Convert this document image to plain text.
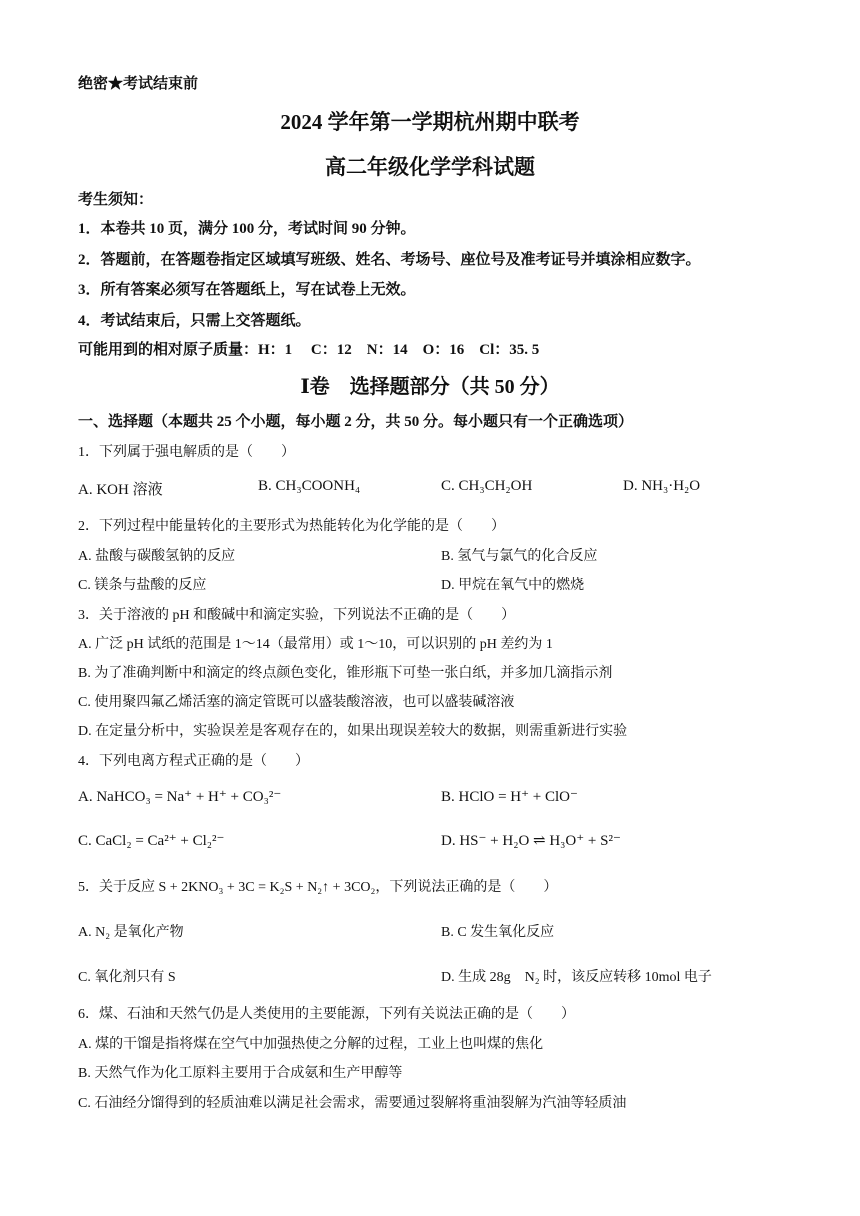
绝密★考试结束前
2024 学年第一学期杭州期中联考
高二年级化学学科试题
考生须知：
1．本卷共 10 页，满分 100 分，考试时间 90 分钟。
2．答题前，在答题卷指定区域填写班级、姓名、考场号、座位号及准考证号并填涂相应数字。
3．所有答案必须写在答题纸上，写在试卷上无效。
4．考试结束后，只需上交答题纸。
可能用到的相对原子质量：H：1　 C：12　N：14　O：16　Cl：35. 5
Ⅰ卷　选择题部分（共 50 分）
一、选择题（本题共 25 个小题，每小题 2 分，共 50 分。每小题只有一个正确选项）
1．下列属于强电解质的是（　　）
A. KOH 溶液	B. CH₃COONH₄	C. CH₃CH₂OH	D. NH₃·H₂O
2．下列过程中能量转化的主要形式为热能转化为化学能的是（　　）
A. 盐酸与碳酸氢钠的反应	B. 氢气与氯气的化合反应
C. 镁条与盐酸的反应	D. 甲烷在氧气中的燃烧
3．关于溶液的 pH 和酸碱中和滴定实验，下列说法不正确的是（　　）
A. 广泛 pH 试纸的范围是 1～14（最常用）或 1～10，可以识别的 pH 差约为 1
B. 为了准确判断中和滴定的终点颜色变化，锥形瓶下可垫一张白纸，并多加几滴指示剂
C. 使用聚四氟乙烯活塞的滴定管既可以盛装酸溶液，也可以盛装碱溶液
D. 在定量分析中，实验误差是客观存在的，如果出现误差较大的数据，则需重新进行实验
4．下列电离方程式正确的是（　　）
A. NaHCO₃ = Na⁺ + H⁺ + CO₃²⁻	B. HClO = H⁺ + ClO⁻
C. CaCl₂ = Ca²⁺ + Cl₂²⁻	D. HS⁻ + H₂O ⇌ H₃O⁺ + S²⁻
5．关于反应 S + 2KNO₃ + 3C = K₂S + N₂↑ + 3CO₂，下列说法正确的是（　　）
A. N₂ 是氧化产物	B. C 发生氧化反应
C. 氧化剂只有 S	D. 生成 28g　N₂ 时，该反应转移 10mol 电子
6．煤、石油和天然气仍是人类使用的主要能源，下列有关说法正确的是（　　）
A. 煤的干馏是指将煤在空气中加强热使之分解的过程，工业上也叫煤的焦化
B. 天然气作为化工原料主要用于合成氨和生产甲醇等
C. 石油经分馏得到的轻质油难以满足社会需求，需要通过裂解将重油裂解为汽油等轻质油
